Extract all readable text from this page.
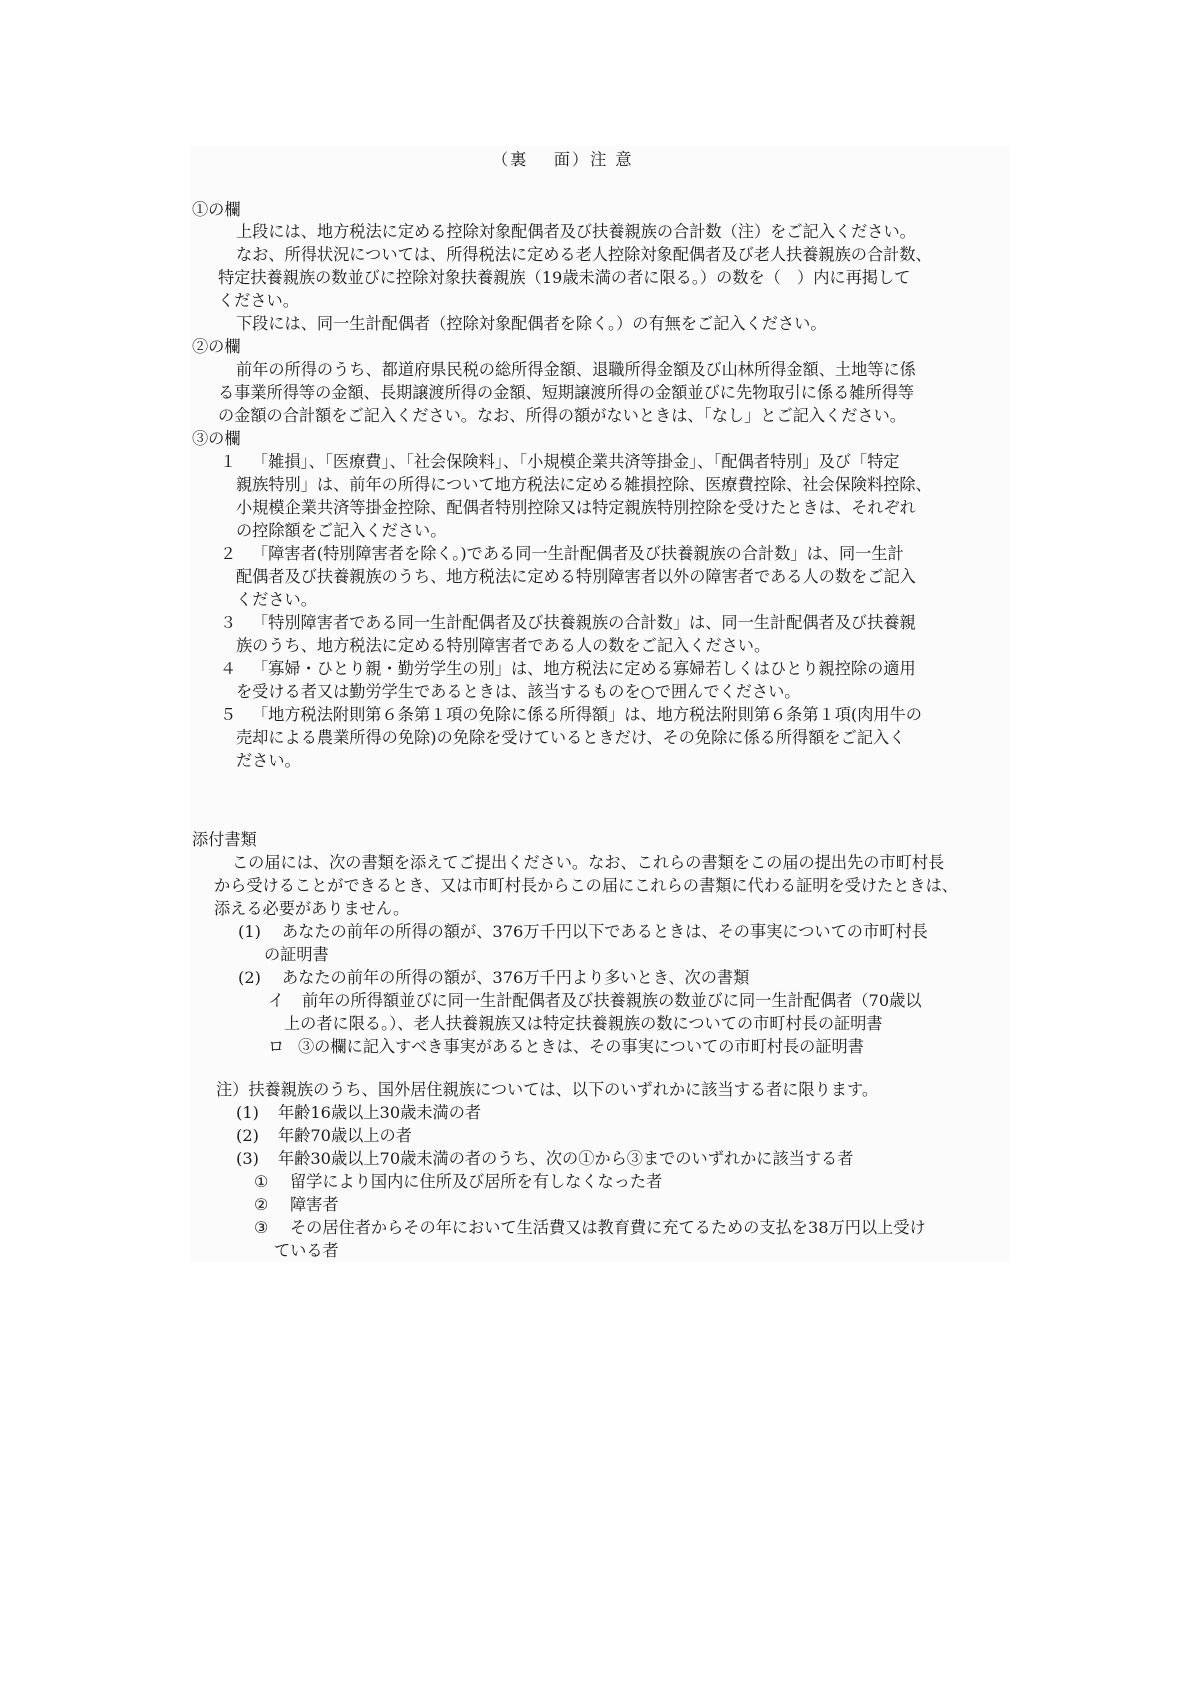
（裏　 面）注 意
①の欄
上段には、地方税法に定める控除対象配偶者及び扶養親族の合計数（注）をご記入ください。
なお、所得状況については、所得税法に定める老人控除対象配偶者及び老人扶養親族の合計数、
特定扶養親族の数並びに控除対象扶養親族（19歳未満の者に限る。）の数を（　）内に再掲して
ください。
下段には、同一生計配偶者（控除対象配偶者を除く。）の有無をご記入ください。
②の欄
前年の所得のうち、都道府県民税の総所得金額、退職所得金額及び山林所得金額、土地等に係
る事業所得等の金額、長期譲渡所得の金額、短期譲渡所得の金額並びに先物取引に係る雑所得等
の金額の合計額をご記入ください。なお、所得の額がないときは、「なし」とご記入ください。
③の欄
１ 「雑損」、「医療費」、「社会保険料」、「小規模企業共済等掛金」、「配偶者特別」及び「特定
親族特別」は、前年の所得について地方税法に定める雑損控除、医療費控除、社会保険料控除、
小規模企業共済等掛金控除、配偶者特別控除又は特定親族特別控除を受けたときは、それぞれ
の控除額をご記入ください。
２ 「障害者(特別障害者を除く。)である同一生計配偶者及び扶養親族の合計数」は、同一生計
配偶者及び扶養親族のうち、地方税法に定める特別障害者以外の障害者である人の数をご記入
ください。
３ 「特別障害者である同一生計配偶者及び扶養親族の合計数」は、同一生計配偶者及び扶養親
族のうち、地方税法に定める特別障害者である人の数をご記入ください。
４ 「寡婦・ひとり親・勤労学生の別」は、地方税法に定める寡婦若しくはひとり親控除の適用
を受ける者又は勤労学生であるときは、該当するものを○で囲んでください。
５ 「地方税法附則第６条第１項の免除に係る所得額」は、地方税法附則第６条第１項(肉用牛の
売却による農業所得の免除)の免除を受けているときだけ、その免除に係る所得額をご記入く
ださい。
添付書類
この届には、次の書類を添えてご提出ください。なお、これらの書類をこの届の提出先の市町村長
から受けることができるとき、又は市町村長からこの届にこれらの書類に代わる証明を受けたときは、
添える必要がありません。
(1) あなたの前年の所得の額が、376万千円以下であるときは、その事実についての市町村長
の証明書
(2) あなたの前年の所得の額が、376万千円より多いとき、次の書類
イ 前年の所得額並びに同一生計配偶者及び扶養親族の数並びに同一生計配偶者（70歳以
上の者に限る。）、老人扶養親族又は特定扶養親族の数についての市町村長の証明書
ロ ③の欄に記入すべき事実があるときは、その事実についての市町村長の証明書
注）扶養親族のうち、国外居住親族については、以下のいずれかに該当する者に限ります。
(1) 年齢16歳以上30歳未満の者
(2) 年齢70歳以上の者
(3) 年齢30歳以上70歳未満の者のうち、次の①から③までのいずれかに該当する者
① 留学により国内に住所及び居所を有しなくなった者
② 障害者
③ その居住者からその年において生活費又は教育費に充てるための支払を38万円以上受け
ている者
